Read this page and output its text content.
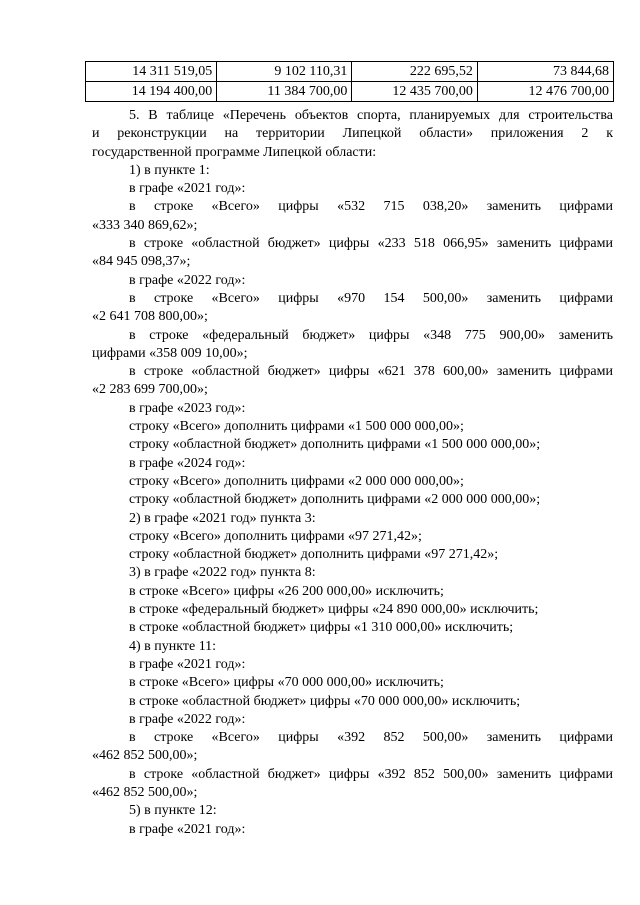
14 311 519,05	9 102 110,31	222 695,52	73 844,68
14 194 400,00	11 384 700,00	12 435 700,00	12 476 700,00
5. В таблице «Перечень объектов спорта, планируемых для строительства
и реконструкции на территории Липецкой области» приложения 2 к
государственной программе Липецкой области:
1) в пункте 1:
в графе «2021 год»:
в строке «Всего» цифры «532 715 038,20» заменить цифрами
«333 340 869,62»;
в строке «областной бюджет» цифры «233 518 066,95» заменить цифрами
«84 945 098,37»;
в графе «2022 год»:
в строке «Всего» цифры «970 154 500,00» заменить цифрами
«2 641 708 800,00»;
в строке «федеральный бюджет» цифры «348 775 900,00» заменить
цифрами «358 009 10,00»;
в строке «областной бюджет» цифры «621 378 600,00» заменить цифрами
«2 283 699 700,00»;
в графе «2023 год»:
строку «Всего» дополнить цифрами «1 500 000 000,00»;
строку «областной бюджет» дополнить цифрами «1 500 000 000,00»;
в графе «2024 год»:
строку «Всего» дополнить цифрами «2 000 000 000,00»;
строку «областной бюджет» дополнить цифрами «2 000 000 000,00»;
2) в графе «2021 год» пункта 3:
строку «Всего» дополнить цифрами «97 271,42»;
строку «областной бюджет» дополнить цифрами «97 271,42»;
3) в графе «2022 год» пункта 8:
в строке «Всего» цифры «26 200 000,00» исключить;
в строке «федеральный бюджет» цифры «24 890 000,00» исключить;
в строке «областной бюджет» цифры «1 310 000,00» исключить;
4) в пункте 11:
в графе «2021 год»:
в строке «Всего» цифры «70 000 000,00» исключить;
в строке «областной бюджет» цифры «70 000 000,00» исключить;
в графе «2022 год»:
в строке «Всего» цифры «392 852 500,00» заменить цифрами
«462 852 500,00»;
в строке «областной бюджет» цифры «392 852 500,00» заменить цифрами
«462 852 500,00»;
5) в пункте 12:
в графе «2021 год»:
